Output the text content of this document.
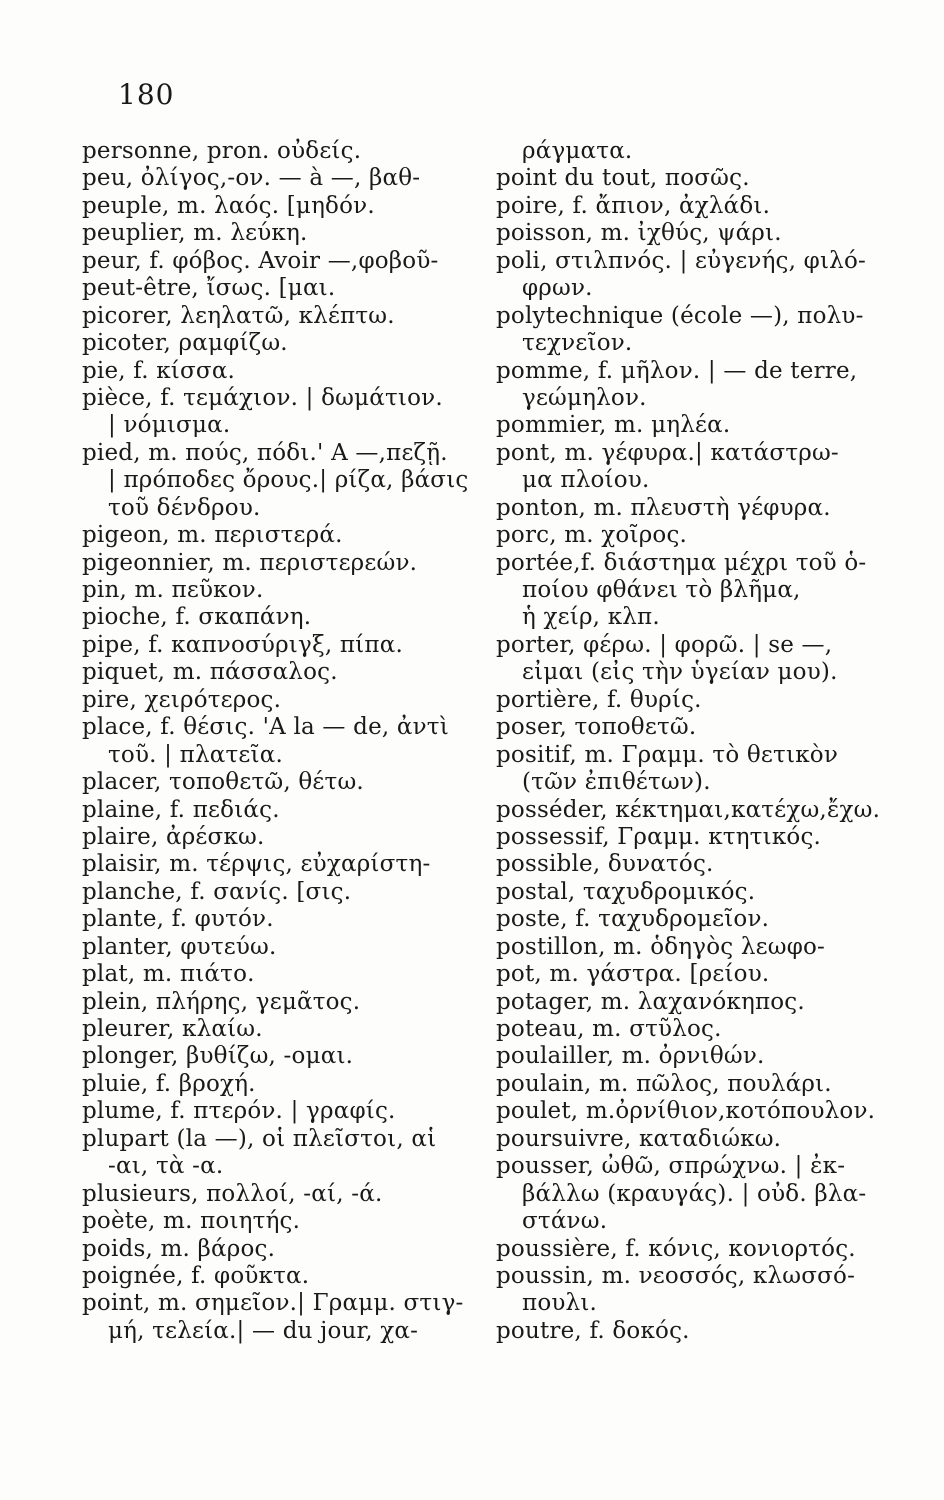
180
personne, pron. οὐδείς.
peu, ὀλίγος,-ον. — à —, βαθ-
peuple, m. λαός. [μηδόν.
peuplier, m. λεύκη.
peur, f. φόβος. Avoir —,φοβοῦ-
peut-être, ἴσως. [μαι.
picorer, λεηλατῶ, κλέπτω.
picoter, ραμφίζω.
pie, f. κίσσα.
pièce, f. τεμάχιον. | δωμάτιον.
| νόμισμα.
pied, m. πούς, πόδι.' A —,πεζῇ.
| πρόποδες ὄρους.| ρίζα, βάσις
τοῦ δένδρου.
pigeon, m. περιστερά.
pigeonnier, m. περιστερεών.
pin, m. πεῦκον.
pioche, f. σκαπάνη.
pipe, f. καπνοσύριγξ, πίπα.
piquet, m. πάσσαλος.
pire, χειρότερος.
place, f. θέσις. 'A la — de, ἀντὶ
τοῦ. | πλατεῖα.
placer, τοποθετῶ, θέτω.
plaine, f. πεδιάς.
plaire, ἀρέσκω.
plaisir, m. τέρψις, εὐχαρίστη-
planche, f. σανίς. [σις.
plante, f. φυτόν.
planter, φυτεύω.
plat, m. πιάτο.
plein, πλήρης, γεμᾶτος.
pleurer, κλαίω.
plonger, βυθίζω, -ομαι.
pluie, f. βροχή.
plume, f. πτερόν. | γραφίς.
plupart (la —), οἱ πλεῖστοι, αἱ
-αι, τὰ -α.
plusieurs, πολλοί, -αί, -ά.
poète, m. ποιητής.
poids, m. βάρος.
poignée, f. φοῦκτα.
point, m. σημεῖον.| Γραμμ. στιγ-
μή, τελεία.| — du jour, χα-
ράγματα.
point du tout, ποσῶς.
poire, f. ἄπιον, ἀχλάδι.
poisson, m. ἰχθύς, ψάρι.
poli, στιλπνός. | εὐγενής, φιλό-
φρων.
polytechnique (école —), πολυ-
τεχνεῖον.
pomme, f. μῆλον. | — de terre,
γεώμηλον.
pommier, m. μηλέα.
pont, m. γέφυρα.| κατάστρω-
μα πλοίου.
ponton, m. πλευστὴ γέφυρα.
porc, m. χοῖρος.
portée,f. διάστημα μέχρι τοῦ ὁ-
ποίου φθάνει τὸ βλῆμα,
ἡ χείρ, κλπ.
porter, φέρω. | φορῶ. | se —,
εἶμαι (εἰς τὴν ὑγείαν μου).
portière, f. θυρίς.
poser, τοποθετῶ.
positif, m. Γραμμ. τὸ θετικὸν
(τῶν ἐπιθέτων).
posséder, κέκτημαι,κατέχω,ἔχω.
possessif, Γραμμ. κτητικός.
possible, δυνατός.
postal, ταχυδρομικός.
poste, f. ταχυδρομεῖον.
postillon, m. ὁδηγὸς λεωφο-
pot, m. γάστρα. [ρείου.
potager, m. λαχανόκηπος.
poteau, m. στῦλος.
poulailler, m. ὀρνιθών.
poulain, m. πῶλος, πουλάρι.
poulet, m.ὀρνίθιον,κοτόπουλον.
poursuivre, καταδιώκω.
pousser, ὠθῶ, σπρώχνω. | ἐκ-
βάλλω (κραυγάς). | οὐδ. βλα-
στάνω.
poussière, f. κόνις, κονιορτός.
poussin, m. νεοσσός, κλωσσό-
πουλι.
poutre, f. δοκός.
